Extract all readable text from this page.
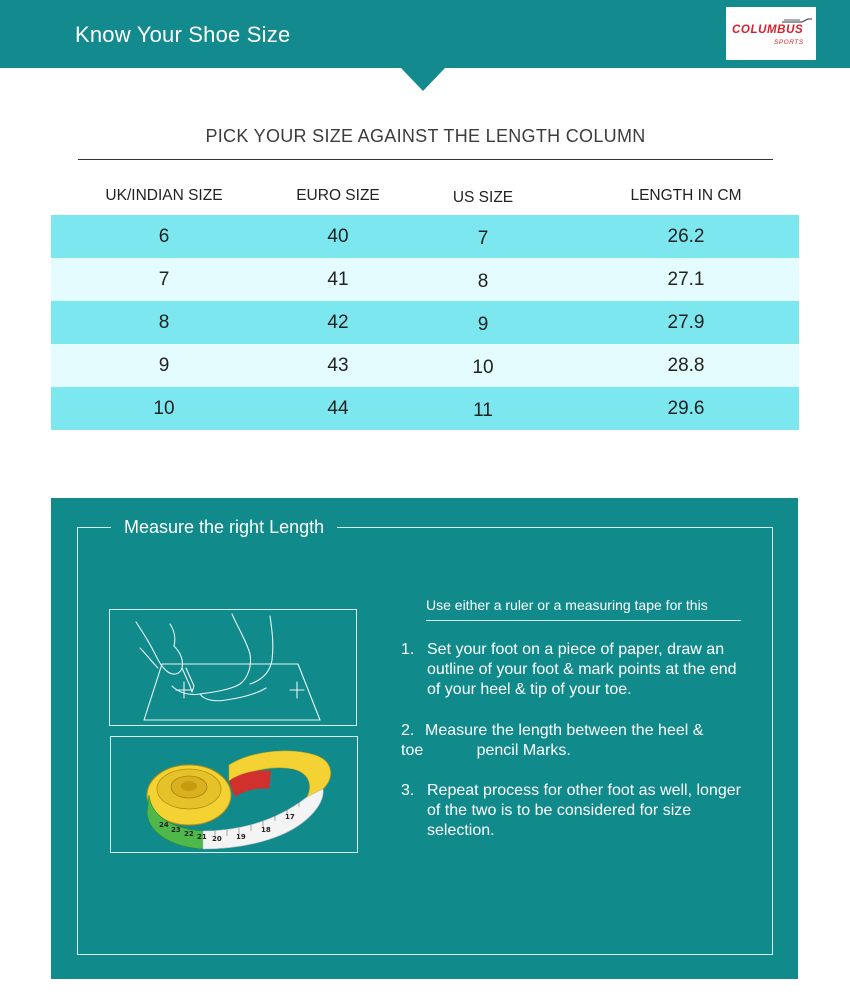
Know Your Shoe Size	COLUMBUS
SPORTS
PICK YOUR SIZE AGAINST THE LENGTH COLUMN
UK/INDIAN SIZE	EURO SIZE	US SIZE	LENGTH IN CM
6	40	7	26.2
7	41	8	27.1
8	42	9	27.9
9	43	10	28.8
10	44	11	29.6
Measure the right Length
24
23 22 21 20 19
18
17
Use either a ruler or a measuring tape for this
1. Set your foot on a piece of paper, draw an outline of your foot & mark points at the end of your heel & tip of your toe.
2. Measure the length between the heel & toe            pencil Marks.
3. Repeat process for other foot as well, longer of the two is to be considered for size selection.
